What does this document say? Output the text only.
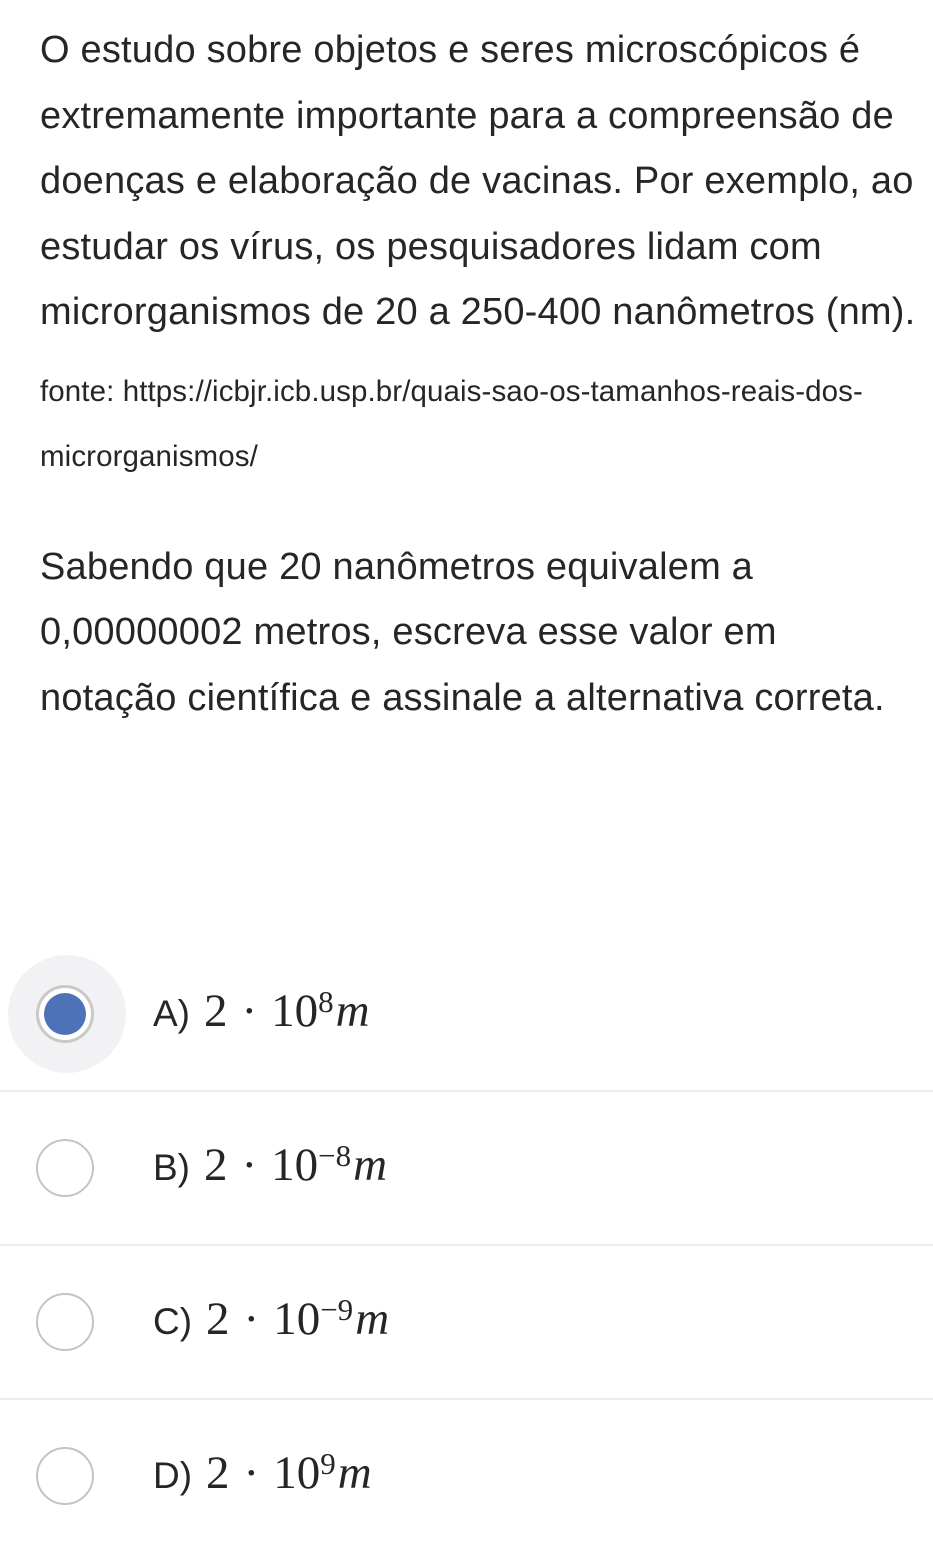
O estudo sobre objetos e seres microscópicos é extremamente importante para a compreensão de doenças e elaboração de vacinas. Por exemplo, ao estudar os vírus, os pesquisadores lidam com microrganismos de 20 a 250-400 nanômetros (nm).

fonte: https://icbjr.icb.usp.br/quais-sao-os-tamanhos-reais-dos-microrganismos/

Sabendo que 20 nanômetros equivalem a 0,00000002 metros, escreva esse valor em notação científica e assinale a alternativa correta.

A) $2 \cdot 10^8m$
B) $2 \cdot 10^{-8}m$
C) $2 \cdot 10^{-9}m$
D) $2 \cdot 10^9m$
